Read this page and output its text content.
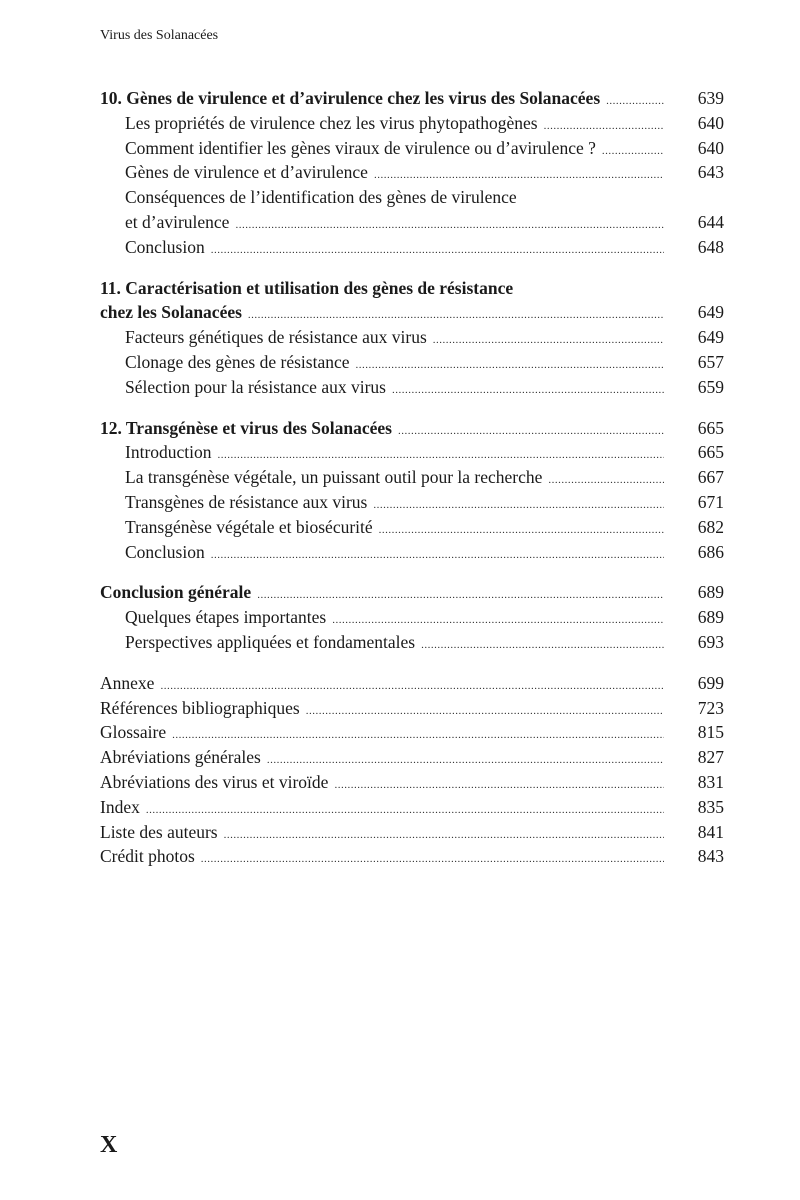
Virus des Solanacées
10. Gènes de virulence et d’avirulence chez les virus des Solanacées .....	639
Les propriétés de virulence chez les virus phytopathogènes .....	640
Comment identifier les gènes viraux de virulence ou d’avirulence ? .....	640
Gènes de virulence et d’avirulence .....	643
Conséquences de l’identification des gènes de virulence
et d’avirulence .....	644
Conclusion .....	648
11. Caractérisation et utilisation des gènes de résistance
chez les Solanacées .....	649
Facteurs génétiques de résistance aux virus .....	649
Clonage des gènes de résistance .....	657
Sélection pour la résistance aux virus .....	659
12. Transgénèse et virus des Solanacées .....	665
Introduction .....	665
La transgénèse végétale, un puissant outil pour la recherche .....	667
Transgènes de résistance aux virus .....	671
Transgénèse végétale et biosécurité .....	682
Conclusion .....	686
Conclusion générale .....	689
Quelques étapes importantes .....	689
Perspectives appliquées et fondamentales .....	693
Annexe .....	699
Références bibliographiques .....	723
Glossaire .....	815
Abréviations générales .....	827
Abréviations des virus et viroïde .....	831
Index .....	835
Liste des auteurs .....	841
Crédit photos .....	843
X
